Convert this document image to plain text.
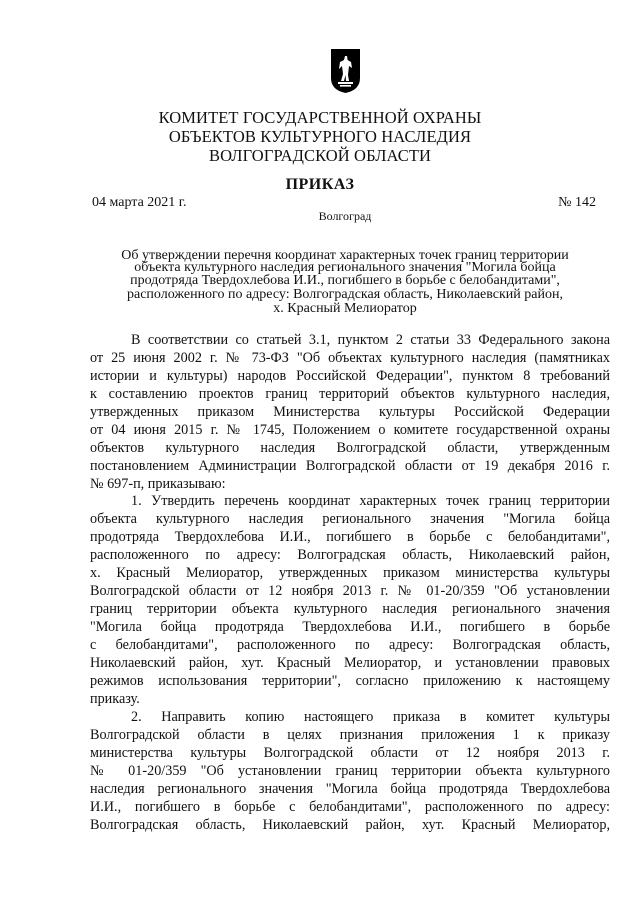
КОМИТЕТ ГОСУДАРСТВЕННОЙ ОХРАНЫ
ОБЪЕКТОВ КУЛЬТУРНОГО НАСЛЕДИЯ
ВОЛГОГРАДСКОЙ ОБЛАСТИ
ПРИКАЗ
04 марта 2021 г.	№ 142
Волгоград
Об утверждении перечня координат характерных точек границ территории
объекта культурного наследия регионального значения "Могила бойца
продотряда Твердохлебова И.И., погибшего в борьбе с белобандитами",
расположенного по адресу: Волгоградская область, Николаевский район,
х. Красный Мелиоратор
В соответствии со статьей 3.1, пунктом 2 статьи 33 Федерального закона
от 25 июня 2002 г. № 73-ФЗ "Об объектах культурного наследия (памятниках
истории и культуры) народов Российской Федерации", пунктом 8 требований
к составлению проектов границ территорий объектов культурного наследия,
утвержденных приказом Министерства культуры Российской Федерации
от 04 июня 2015 г. № 1745, Положением о комитете государственной охраны
объектов культурного наследия Волгоградской области, утвержденным
постановлением Администрации Волгоградской области от 19 декабря 2016 г.
№ 697-п, приказываю:
1. Утвердить перечень координат характерных точек границ территории
объекта культурного наследия регионального значения "Могила бойца
продотряда Твердохлебова И.И., погибшего в борьбе с белобандитами",
расположенного по адресу: Волгоградская область, Николаевский район,
х. Красный Мелиоратор, утвержденных приказом министерства культуры
Волгоградской области от 12 ноября 2013 г. № 01-20/359 "Об установлении
границ территории объекта культурного наследия регионального значения
"Могила бойца продотряда Твердохлебова И.И., погибшего в борьбе
с белобандитами", расположенного по адресу: Волгоградская область,
Николаевский район, хут. Красный Мелиоратор, и установлении правовых
режимов использования территории", согласно приложению к настоящему
приказу.
2. Направить копию настоящего приказа в комитет культуры
Волгоградской области в целях признания приложения 1 к приказу
министерства культуры Волгоградской области от 12 ноября 2013 г.
№ 01-20/359 "Об установлении границ территории объекта культурного
наследия регионального значения "Могила бойца продотряда Твердохлебова
И.И., погибшего в борьбе с белобандитами", расположенного по адресу:
Волгоградская область, Николаевский район, хут. Красный Мелиоратор,
